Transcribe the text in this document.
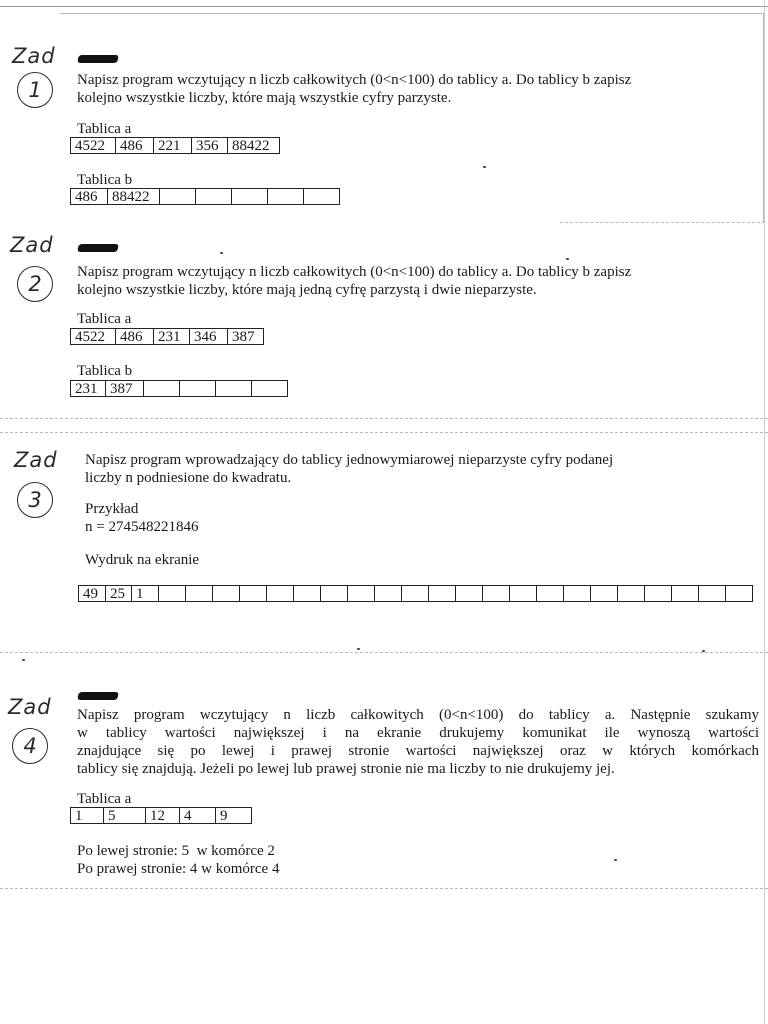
Zad
1 Napisz program wczytujący n liczb całkowitych (0<n<100) do tablicy a. Do tablicy b zapisz
kolejno wszystkie liczby, które mają wszystkie cyfry parzyste.
Tablica a
4522	486	221	356 88422
Tablica b
486 88422
Zad
2 Napisz program wczytujący n liczb całkowitych (0<n<100) do tablicy a. Do tablicy b zapisz
kolejno wszystkie liczby, które mają jedną cyfrę parzystą i dwie nieparzyste.
Tablica a
4522	486	231 346	387
Tablica b
231 387
Zad
3
Napisz program wprowadzający do tablicy jednowymiarowej nieparzyste cyfry podanej
liczby n podniesione do kwadratu.
Przykład
n = 274548221846
Wydruk na ekranie
49 25 1
Zad
4
Napisz program wczytujący n liczb całkowitych (0<n<100) do tablicy a. Następnie szukamy
w tablicy wartości największej i na ekranie drukujemy komunikat ile wynoszą wartości
znajdujące się po lewej i prawej stronie wartości największej oraz w których komórkach
tablicy się znajdują. Jeżeli po lewej lub prawej stronie nie ma liczby to nie drukujemy jej.
Tablica a
1	5	12	4	9
Po lewej stronie: 5  w komórce 2
Po prawej stronie: 4 w komórce 4
